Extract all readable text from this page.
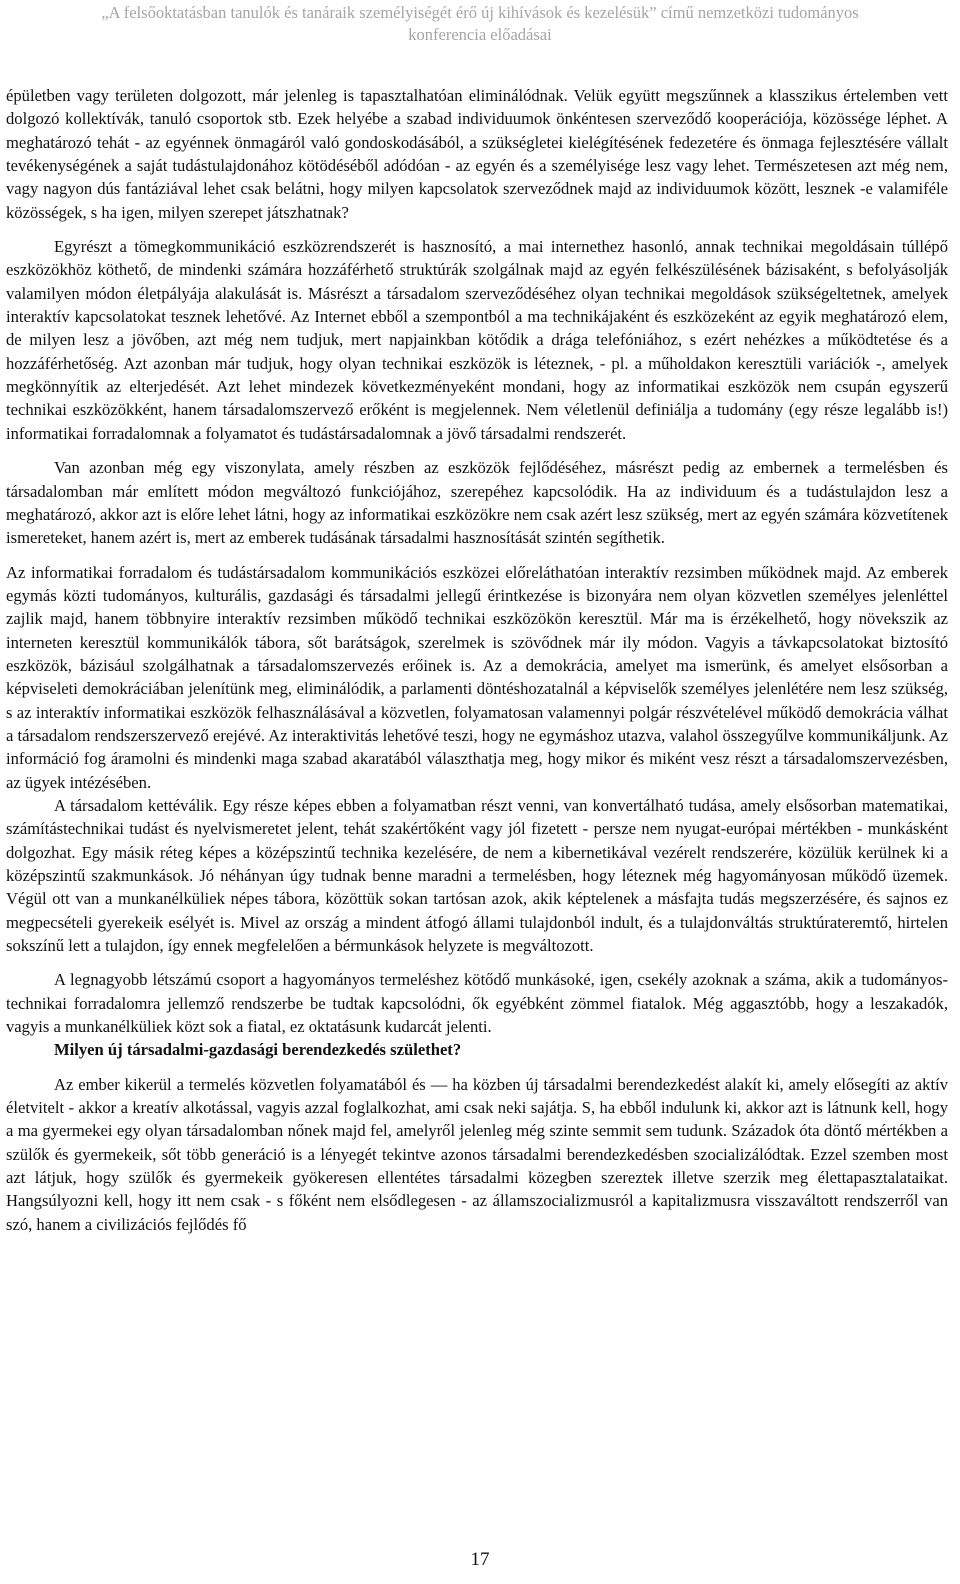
„A felsőoktatásban tanulók és tanáraik személyiségét érő új kihívások és kezelésük” című nemzetközi tudományos
konferencia előadásai

épületben vagy területen dolgozott, már jelenleg is tapasztalhatóan eliminálódnak. Velük együtt megszűnnek a klasszikus értelemben vett dolgozó kollektívák, tanuló csoportok stb. Ezek helyébe a szabad individuumok önkéntesen szerveződő kooperációja, közössége léphet. A meghatározó tehát - az egyénnek önmagáról való gondoskodásából, a szükségletei kielégítésének fedezetére és önmaga fejlesztésére vállalt tevékenységének a saját tudástulajdonához kötödéséből adódóan - az egyén és a személyisége lesz vagy lehet. Természetesen azt még nem, vagy nagyon dús fantáziával lehet csak belátni, hogy milyen kapcsolatok szerveződnek majd az individuumok között, lesznek -e valamiféle közösségek, s ha igen, milyen szerepet játszhatnak?

Egyrészt a tömegkommunikáció eszközrendszerét is hasznosító, a mai internethez hasonló, annak technikai megoldásain túllépő eszközökhöz köthető, de mindenki számára hozzáférhető struktúrák szolgálnak majd az egyén felkészülésének bázisaként, s befolyásolják valamilyen módon életpályája alakulását is. Másrészt a társadalom szerveződéséhez olyan technikai megoldások szükségeltetnek, amelyek interaktív kapcsolatokat tesznek lehetővé. Az Internet ebből a szempontból a ma technikájaként és eszközeként az egyik meghatározó elem, de milyen lesz a jövőben, azt még nem tudjuk, mert napjainkban kötődik a drága telefóniához, s ezért nehézkes a működtetése és a hozzáférhetőség. Azt azonban már tudjuk, hogy olyan technikai eszközök is léteznek, - pl. a műholdakon keresztüli variációk -, amelyek megkönnyítik az elterjedését. Azt lehet mindezek következményeként mondani, hogy az informatikai eszközök nem csupán egyszerű technikai eszközökként, hanem társadalomszervező erőként is megjelennek. Nem véletlenül definiálja a tudomány (egy része legalább is!) informatikai forradalomnak a folyamatot és tudástársadalomnak a jövő társadalmi rendszerét.

Van azonban még egy viszonylata, amely részben az eszközök fejlődéséhez, másrészt pedig az embernek a termelésben és társadalomban már említett módon megváltozó funkciójához, szerepéhez kapcsolódik. Ha az individuum és a tudástulajdon lesz a meghatározó, akkor azt is előre lehet látni, hogy az informatikai eszközökre nem csak azért lesz szükség, mert az egyén számára közvetítenek ismereteket, hanem azért is, mert az emberek tudásának társadalmi hasznosítását szintén segíthetik.

Az informatikai forradalom és tudástársadalom kommunikációs eszközei előreláthatóan interaktív rezsimben működnek majd. Az emberek egymás közti tudományos, kulturális, gazdasági és társadalmi jellegű érintkezése is bizonyára nem olyan közvetlen személyes jelenléttel zajlik majd, hanem többnyire interaktív rezsimben működő technikai eszközökön keresztül. Már ma is érzékelhető, hogy növekszik az interneten keresztül kommunikálók tábora, sőt barátságok, szerelmek is szövődnek már ily módon. Vagyis a távkapcsolatokat biztosító eszközök, bázisául szolgálhatnak a társadalomszervezés erőinek is. Az a demokrácia, amelyet ma ismerünk, és amelyet elsősorban a képviseleti demokráciában jelenítünk meg, eliminálódik, a parlamenti döntéshozatalnál a képviselők személyes jelenlétére nem lesz szükség, s az interaktív informatikai eszközök felhasználásával a közvetlen, folyamatosan valamennyi polgár részvételével működő demokrácia válhat a társadalom rendszerszervező erejévé. Az interaktivitás lehetővé teszi, hogy ne egymáshoz utazva, valahol összegyűlve kommunikáljunk. Az információ fog áramolni és mindenki maga szabad akaratából választhatja meg, hogy mikor és miként vesz részt a társadalomszervezésben, az ügyek intézésében.

A társadalom kettéválik. Egy része képes ebben a folyamatban részt venni, van konvertálható tudása, amely elsősorban matematikai, számítástechnikai tudást és nyelvismeretet jelent, tehát szakértőként vagy jól fizetett - persze nem nyugat-európai mértékben - munkásként dolgozhat. Egy másik réteg képes a középszintű technika kezelésére, de nem a kibernetikával vezérelt rendszerére, közülük kerülnek ki a középszintű szakmunkások. Jó néhányan úgy tudnak benne maradni a termelésben, hogy léteznek még hagyományosan működő üzemek. Végül ott van a munkanélküliek népes tábora, közöttük sokan tartósan azok, akik képtelenek a másfajta tudás megszerzésére, és sajnos ez megpecsételi gyerekeik esélyét is. Mivel az ország a mindent átfogó állami tulajdonból indult, és a tulajdonváltás struktúrateremtő, hirtelen sokszínű lett a tulajdon, így ennek megfelelően a bérmunkások helyzete is megváltozott.

A legnagyobb létszámú csoport a hagyományos termeléshez kötődő munkásoké, igen, csekély azoknak a száma, akik a tudományos-technikai forradalomra jellemző rendszerbe be tudtak kapcsolódni, ők egyébként zömmel fiatalok. Még aggasztóbb, hogy a leszakadók, vagyis a munkanélküliek közt sok a fiatal, ez oktatásunk kudarcát jelenti.

Milyen új társadalmi-gazdasági berendezkedés születhet?

Az ember kikerül a termelés közvetlen folyamatából és — ha közben új társadalmi berendezkedést alakít ki, amely elősegíti az aktív életvitelt - akkor a kreatív alkotással, vagyis azzal foglalkozhat, ami csak neki sajátja. S, ha ebből indulunk ki, akkor azt is látnunk kell, hogy a ma gyermekei egy olyan társadalomban nőnek majd fel, amelyről jelenleg még szinte semmit sem tudunk. Századok óta döntő mértékben a szülők és gyermekeik, sőt több generáció is a lényegét tekintve azonos társadalmi berendezkedésben szocializálódtak. Ezzel szemben most azt látjuk, hogy szülők és gyermekeik gyökeresen ellentétes társadalmi közegben szereztek illetve szerzik meg élettapasztalataikat. Hangsúlyozni kell, hogy itt nem csak - s főként nem elsődlegesen - az államszocializmusról a kapitalizmusra visszaváltott rendszerről van szó, hanem a civilizációs fejlődés fő

17
